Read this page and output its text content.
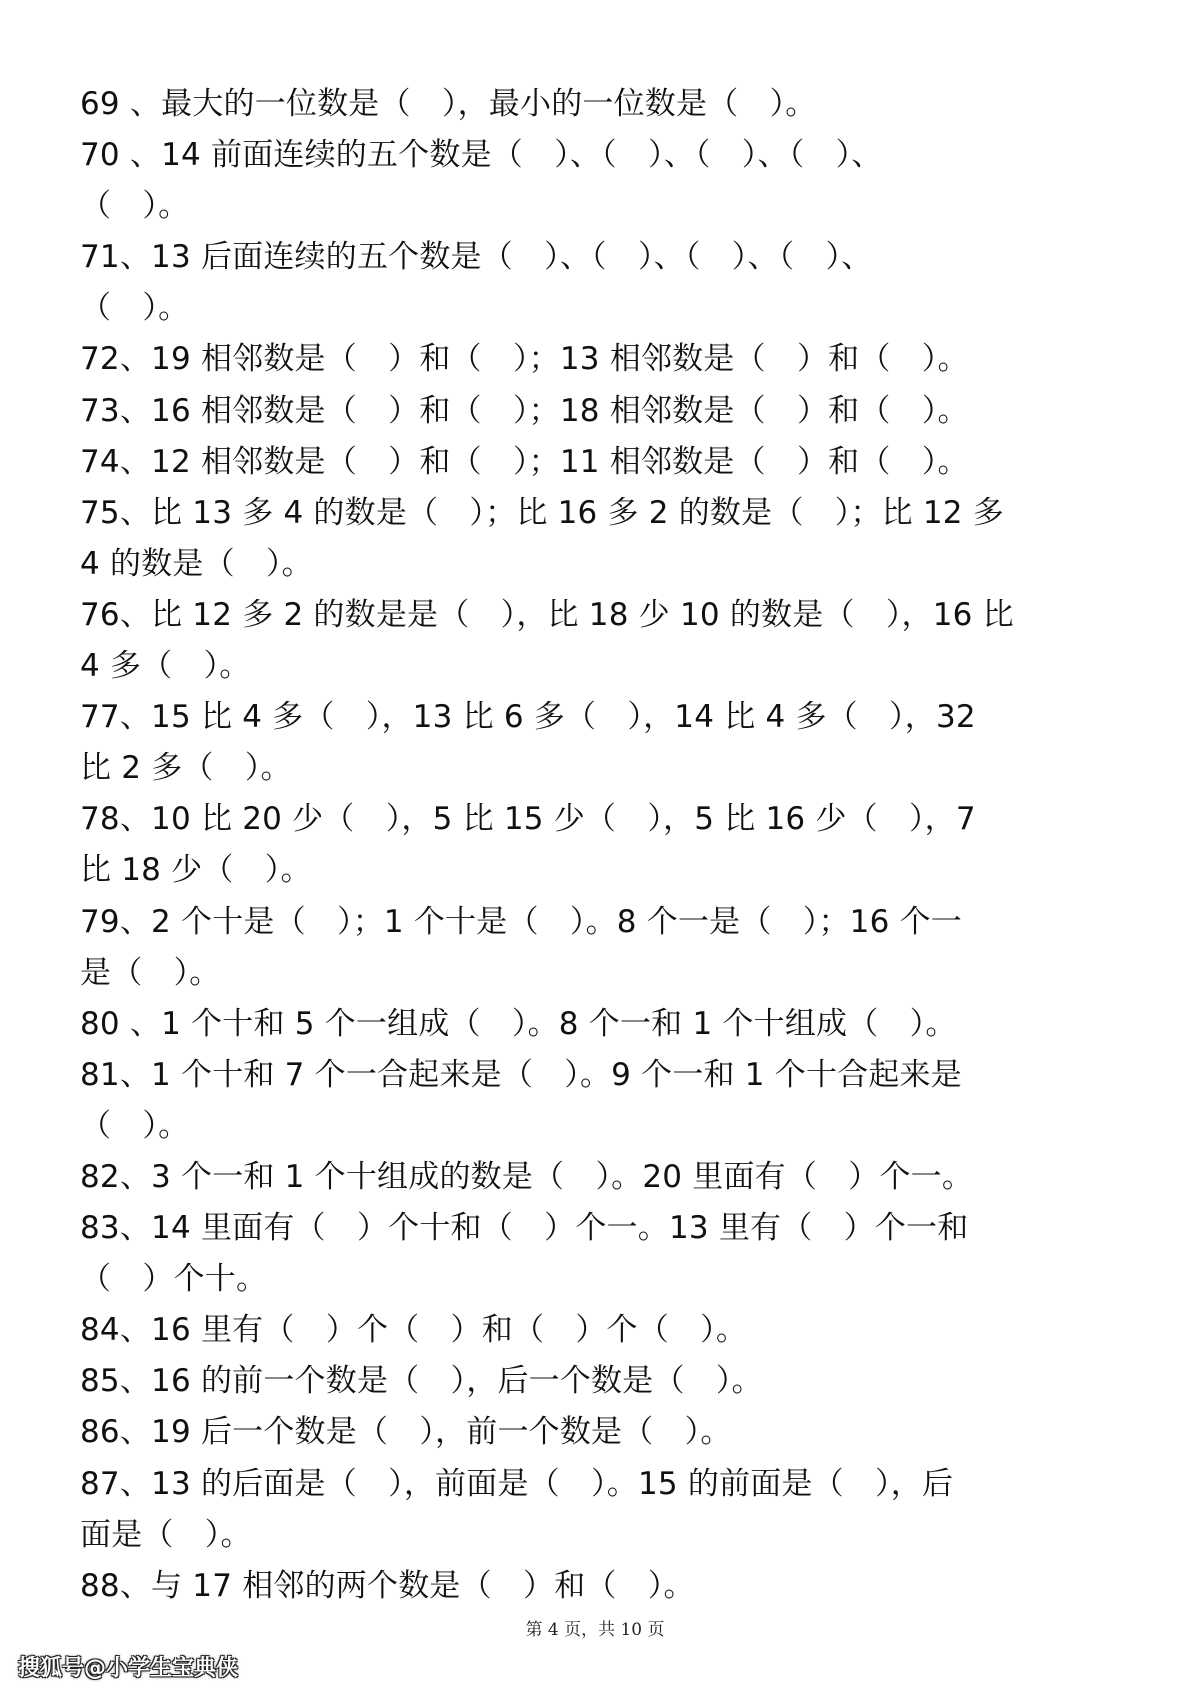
69 、最大的一位数是（　），最小的一位数是（　）。
70 、14 前面连续的五个数是（　）、（　）、（　）、（　）、
（　）。
71、13 后面连续的五个数是（　）、（　）、（　）、（　）、
（　）。
72、19 相邻数是（　）和（　）；13 相邻数是（　）和（　）。
73、16 相邻数是（　）和（　）；18 相邻数是（　）和（　）。
74、12 相邻数是（　）和（　）；11 相邻数是（　）和（　）。
75、比 13 多 4 的数是（　）；比 16 多 2 的数是（　）；比 12 多
4 的数是（　）。
76、比 12 多 2 的数是是（　），比 18 少 10 的数是（　），16 比
4 多（　）。
77、15 比 4 多（　），13 比 6 多（　），14 比 4 多（　），32
比 2 多（　）。
78、10 比 20 少（　），5 比 15 少（　），5 比 16 少（　），7
比 18 少（　）。
79、2 个十是（　）；1 个十是（　）。8 个一是（　）；16 个一
是（　）。
80 、1 个十和 5 个一组成（　）。8 个一和 1 个十组成（　）。
81、1 个十和 7 个一合起来是（　）。9 个一和 1 个十合起来是
（　）。
82、3 个一和 1 个十组成的数是（　）。20 里面有（　）个一。
83、14 里面有（　）个十和（　）个一。13 里有（　）个一和
（　）个十。
84、16 里有（　）个（　）和（　）个（　）。
85、16 的前一个数是（　），后一个数是（　）。
86、19 后一个数是（　），前一个数是（　）。
87、13 的后面是（　），前面是（　）。15 的前面是（　），后
面是（　）。
88、与 17 相邻的两个数是（　）和（　）。
第 4 页，共 10 页
搜狐号@小学生宝典侠
